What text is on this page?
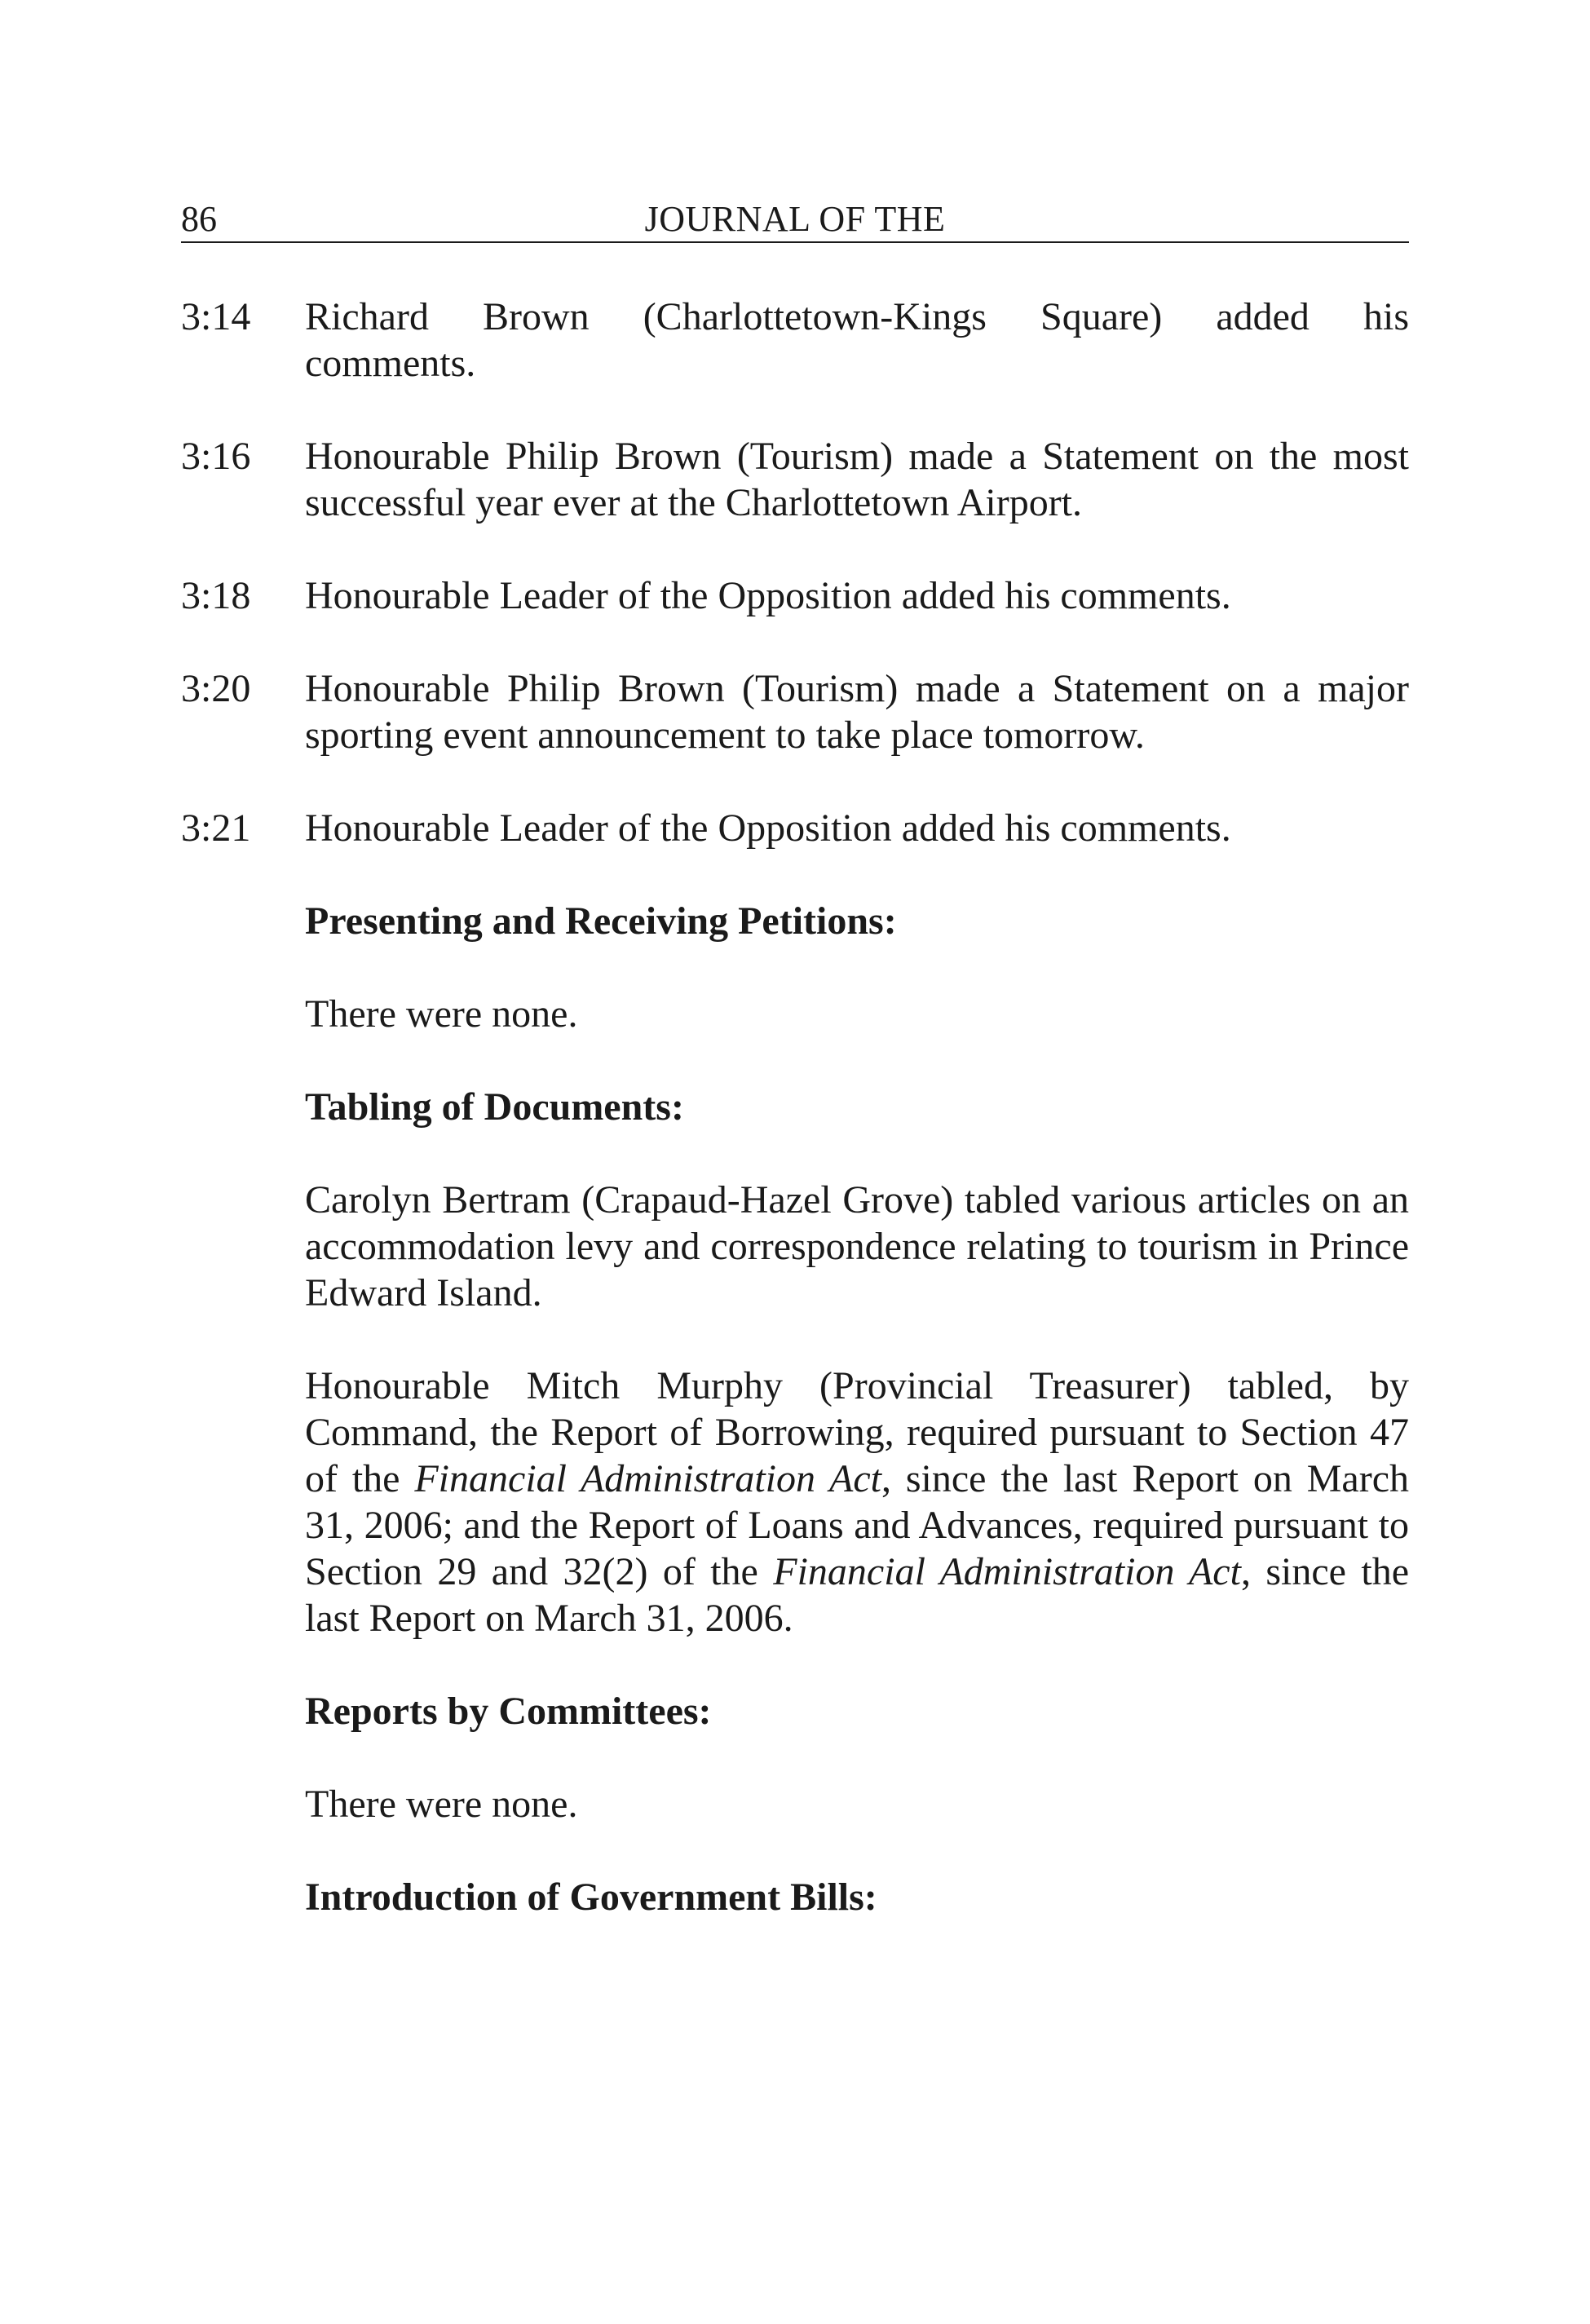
86	JOURNAL OF THE
3:14 Richard Brown (Charlottetown-Kings Square) added his
comments.
3:16 Honourable Philip Brown (Tourism) made a Statement on the most successful year ever at the Charlottetown Airport.
3:18 Honourable Leader of the Opposition added his comments.
3:20 Honourable Philip Brown (Tourism) made a Statement on a major sporting event announcement to take place tomorrow.
3:21 Honourable Leader of the Opposition added his comments.
Presenting and Receiving Petitions:
There were none.
Tabling of Documents:
Carolyn Bertram (Crapaud-Hazel Grove) tabled various articles on an accommodation levy and correspondence relating to tourism in Prince Edward Island.
Honourable Mitch Murphy (Provincial Treasurer) tabled, by Command, the Report of Borrowing, required pursuant to Section 47 of the Financial Administration Act, since the last Report on March 31, 2006; and the Report of Loans and Advances, required pursuant to Section 29 and 32(2) of the Financial Administration Act, since the last Report on March 31, 2006.
Reports by Committees:
There were none.
Introduction of Government Bills:
